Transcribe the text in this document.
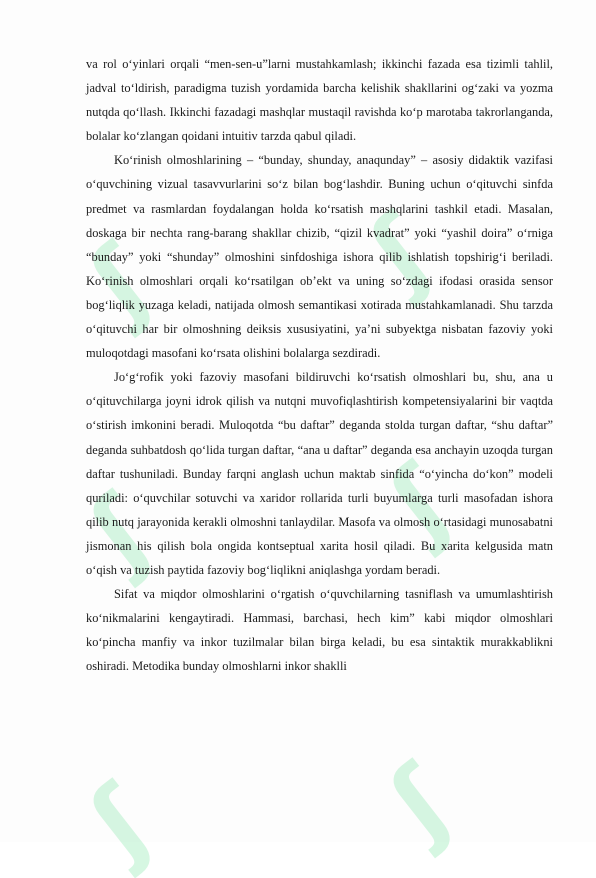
ʃ ʃ
ʃ ʃ
ʃ ʃ

va rol o‘yinlari orqali “men-sen-u”larni mustahkamlash; ikkinchi fazada esa tizimli tahlil, jadval to‘ldirish, paradigma tuzish yordamida barcha kelishik shakllarini og‘zaki va yozma nutqda qo‘llash. Ikkinchi fazadagi mashqlar mustaqil ravishda ko‘p marotaba takrorlanganda, bolalar ko‘zlangan qoidani intuitiv tarzda qabul qiladi.

Ko‘rinish olmoshlarining – “bunday, shunday, anaqunday” – asosiy didaktik vazifasi o‘quvchining vizual tasavvurlarini so‘z bilan bog‘lashdir. Buning uchun o‘qituvchi sinfda predmet va rasmlardan foydalangan holda ko‘rsatish mashqlarini tashkil etadi. Masalan, doskaga bir nechta rang-barang shakllar chizib, “qizil kvadrat” yoki “yashil doira” o‘rniga “bunday” yoki “shunday” olmoshini sinfdoshiga ishora qilib ishlatish topshirig‘i beriladi. Ko‘rinish olmoshlari orqali ko‘rsatilgan ob’ekt va uning so‘zdagi ifodasi orasida sensor bog‘liqlik yuzaga keladi, natijada olmosh semantikasi xotirada mustahkamlanadi. Shu tarzda o‘qituvchi har bir olmoshning deiksis xususiyatini, ya’ni subyektga nisbatan fazoviy yoki muloqotdagi masofani ko‘rsata olishini bolalarga sezdiradi.

Jo‘g‘rofik yoki fazoviy masofani bildiruvchi ko‘rsatish olmoshlari bu, shu, ana u o‘qituvchilarga joyni idrok qilish va nutqni muvofiqlashtirish kompetensiyalarini bir vaqtda o‘stirish imkonini beradi. Muloqotda “bu daftar” deganda stolda turgan daftar, “shu daftar” deganda suhbatdosh qo‘lida turgan daftar, “ana u daftar” deganda esa anchayin uzoqda turgan daftar tushuniladi. Bunday farqni anglash uchun maktab sinfida “o‘yincha do‘kon” modeli quriladi: o‘quvchilar sotuvchi va xaridor rollarida turli buyumlarga turli masofadan ishora qilib nutq jarayonida kerakli olmoshni tanlaydilar. Masofa va olmosh o‘rtasidagi munosabatni jismonan his qilish bola ongida kontseptual xarita hosil qiladi. Bu xarita kelgusida matn o‘qish va tuzish paytida fazoviy bog‘liqlikni aniqlashga yordam beradi.

Sifat va miqdor olmoshlarini o‘rgatish o‘quvchilarning tasniflash va umumlashtirish ko‘nikmalarini kengaytiradi. Hammasi, barchasi, hech kim” kabi miqdor olmoshlari ko‘pincha manfiy va inkor tuzilmalar bilan birga keladi, bu esa sintaktik murakkablikni oshiradi. Metodika bunday olmoshlarni inkor shaklli
